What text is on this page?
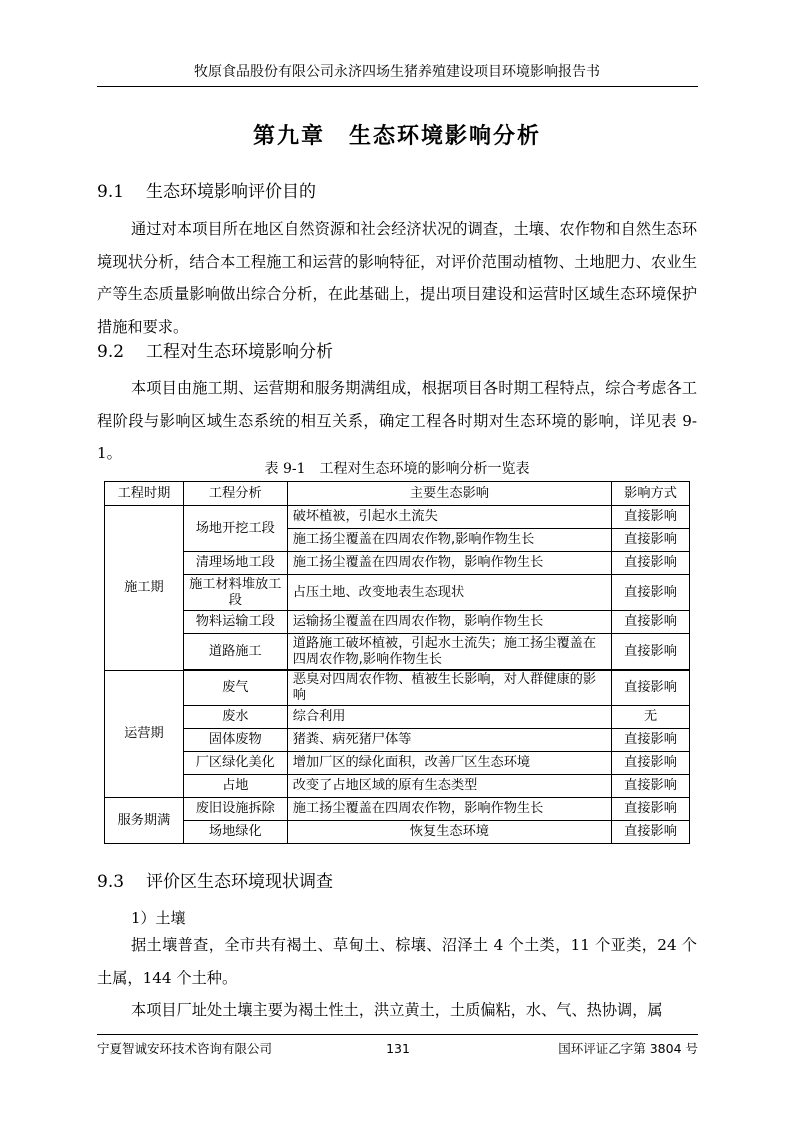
牧原食品股份有限公司永济四场生猪养殖建设项目环境影响报告书
第九章　生态环境影响分析
9.1 生态环境影响评价目的
通过对本项目所在地区自然资源和社会经济状况的调查，土壤、农作物和自然生态环境现状分析，结合本工程施工和运营的影响特征，对评价范围动植物、土地肥力、农业生产等生态质量影响做出综合分析，在此基础上，提出项目建设和运营时区域生态环境保护措施和要求。
9.2 工程对生态环境影响分析
本项目由施工期、运营期和服务期满组成，根据项目各时期工程特点，综合考虑各工程阶段与影响区域生态系统的相互关系，确定工程各时期对生态环境的影响，详见表 9-1。
表 9-1　工程对生态环境的影响分析一览表
工程时期	工程分析	主要生态影响	影响方式
施工期	场地开挖工段	破坏植被，引起水土流失	直接影响
		施工扬尘覆盖在四周农作物,影响作物生长	直接影响
	清理场地工段	施工扬尘覆盖在四周农作物，影响作物生长	直接影响
	施工材料堆放工段	占压土地、改变地表生态现状	直接影响
	物料运输工段	运输扬尘覆盖在四周农作物，影响作物生长	直接影响
	道路施工	道路施工破坏植被，引起水土流失；施工扬尘覆盖在四周农作物,影响作物生长	直接影响

运营期	废气	恶臭对四周农作物、植被生长影响，对人群健康的影响	直接影响
	废水	综合利用	无
	固体废物	猪粪、病死猪尸体等	直接影响
	厂区绿化美化	增加厂区的绿化面积，改善厂区生态环境	直接影响
	占地	改变了占地区域的原有生态类型	直接影响
服务期满	废旧设施拆除	施工扬尘覆盖在四周农作物，影响作物生长	直接影响
	场地绿化	恢复生态环境	直接影响
9.3 评价区生态环境现状调查
1）土壤
据土壤普查，全市共有褐土、草甸土、棕壤、沼泽土 4 个土类，11 个亚类，24 个土属，144 个土种。
本项目厂址处土壤主要为褐土性土，洪立黄土，土质偏粘，水、气、热协调，属
宁夏智诚安环技术咨询有限公司	131	国环评证乙字第 3804 号
